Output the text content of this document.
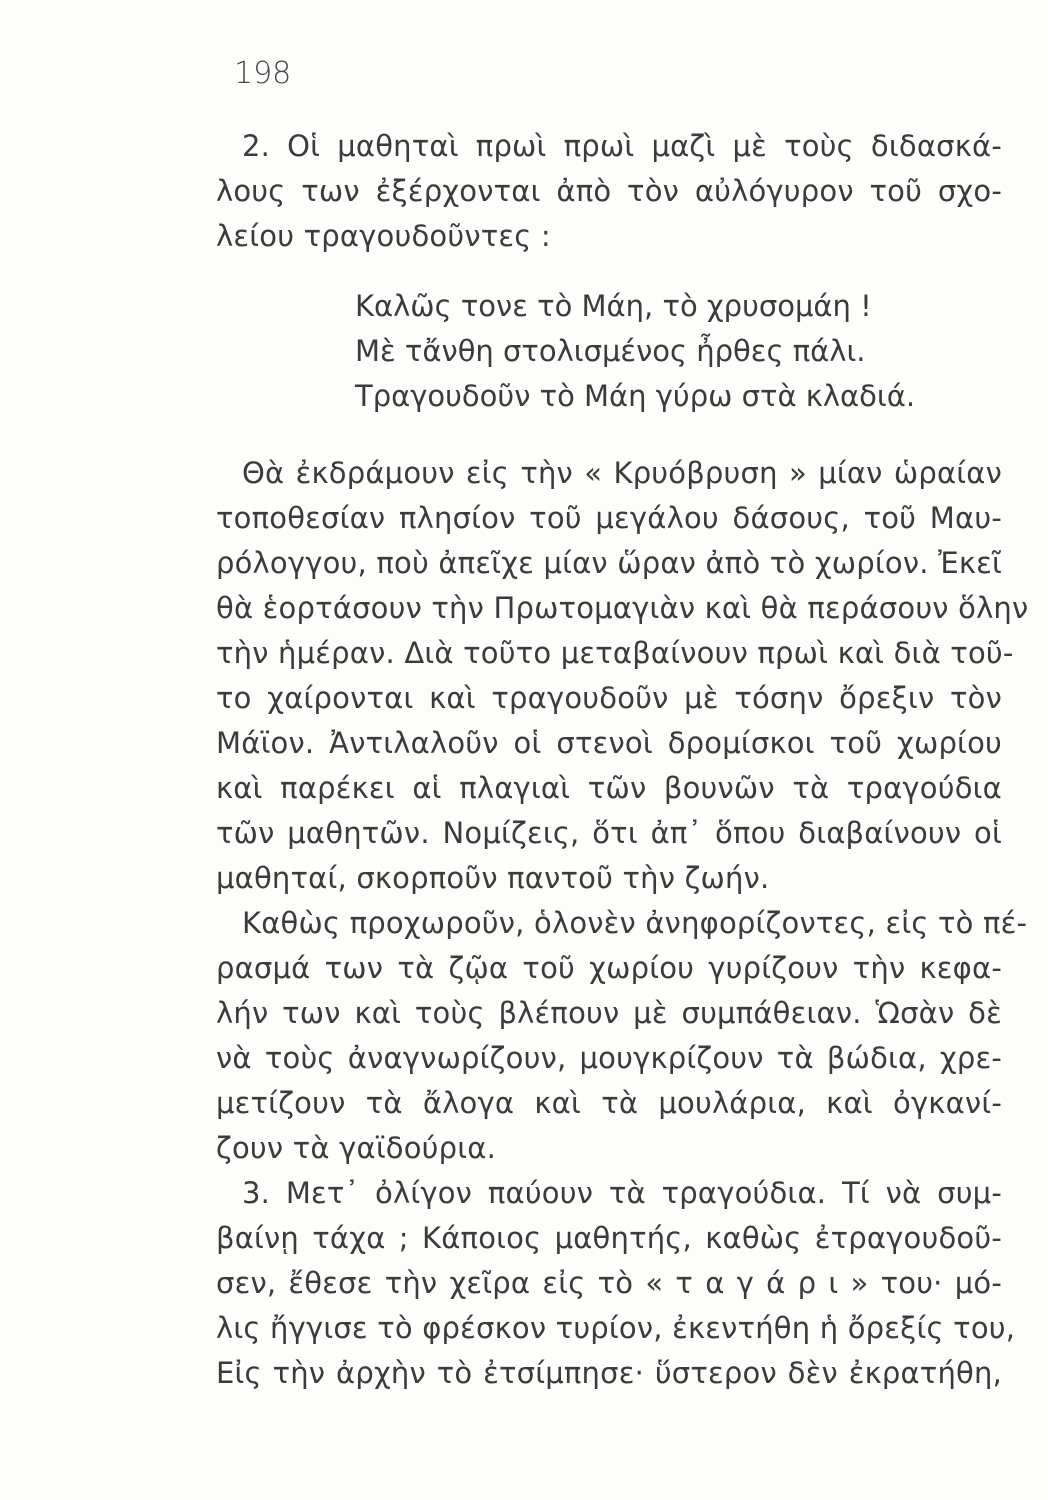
198
2. Οἱ μαθηταὶ πρωὶ πρωὶ μαζὶ μὲ τοὺς διδασκά-
λους των ἐξέρχονται ἀπὸ τὸν αὐλόγυρον τοῦ σχο-
λείου τραγουδοῦντες :
Καλῶς τονε τὸ Μάη, τὸ χρυσομάη !
Μὲ τἄνθη στολισμένος ἦρθες πάλι.
Τραγουδοῦν τὸ Μάη γύρω στὰ κλαδιά.
Θὰ ἐκδράμουν εἰς τὴν « Κρυόβρυση » μίαν ὡραίαν
τοποθεσίαν πλησίον τοῦ μεγάλου δάσους, τοῦ Μαυ-
ρόλογγου, ποὺ ἀπεῖχε μίαν ὥραν ἀπὸ τὸ χωρίον. Ἐκεῖ
θὰ ἑορτάσουν τὴν Πρωτομαγιὰν καὶ θὰ περάσουν ὅλην
τὴν ἡμέραν. Διὰ τοῦτο μεταβαίνουν πρωὶ καὶ διὰ τοῦ-
το χαίρονται καὶ τραγουδοῦν μὲ τόσην ὄρεξιν τὸν
Μάϊον. Ἀντιλαλοῦν οἱ στενοὶ δρομίσκοι τοῦ χωρίου
καὶ παρέκει αἱ πλαγιαὶ τῶν βουνῶν τὰ τραγούδια
τῶν μαθητῶν. Νομίζεις, ὅτι ἀπ᾿ ὅπου διαβαίνουν οἱ
μαθηταί, σκορποῦν παντοῦ τὴν ζωήν.
Καθὼς προχωροῦν, ὁλονὲν ἀνηφορίζοντες, εἰς τὸ πέ-
ρασμά των τὰ ζῷα τοῦ χωρίου γυρίζουν τὴν κεφα-
λήν των καὶ τοὺς βλέπουν μὲ συμπάθειαν. Ὡσὰν δὲ
νὰ τοὺς ἀναγνωρίζουν, μουγκρίζουν τὰ βώδια, χρε-
μετίζουν τὰ ἄλογα καὶ τὰ μουλάρια, καὶ ὀγκανί-
ζουν τὰ γαϊδούρια.
3. Μετ᾿ ὀλίγον παύουν τὰ τραγούδια. Τί νὰ συμ-
βαίνῃ τάχα ; Κάποιος μαθητής, καθὼς ἐτραγουδοῦ-
σεν, ἔθεσε τὴν χεῖρα εἰς τὸ « τ α γ ά ρ ι » του· μό-
λις ἤγγισε τὸ φρέσκον τυρίον, ἐκεντήθη ἡ ὄρεξίς του,
Εἰς τὴν ἀρχὴν τὸ ἐτσίμπησε· ὕστερον δὲν ἐκρατήθη,
